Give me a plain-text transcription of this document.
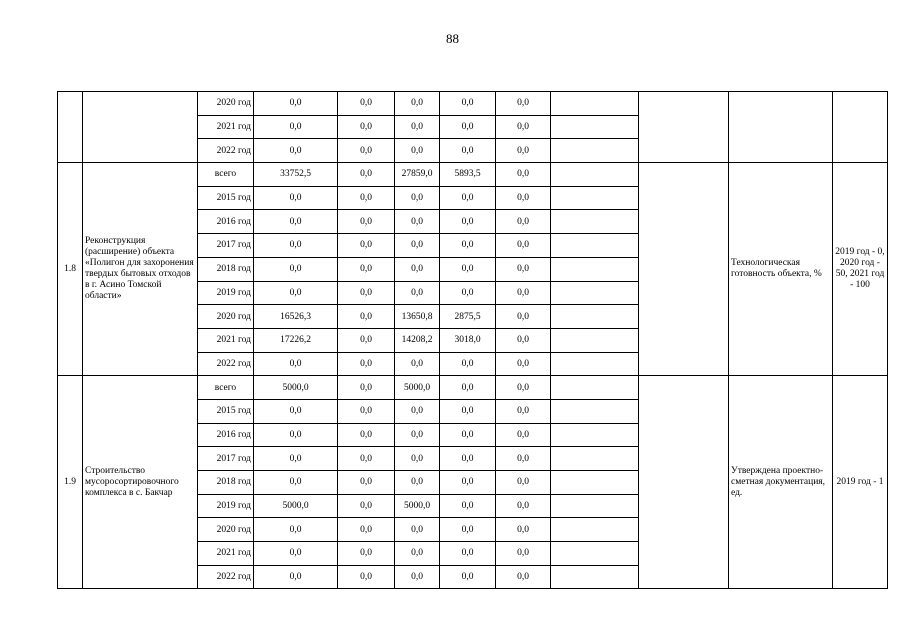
88
		2020 год	0,0	0,0	0,0	0,0	0,0				
		2021 год	0,0	0,0	0,0	0,0	0,0				
		2022 год	0,0	0,0	0,0	0,0	0,0				
1.8	Реконструкция (расширение) объекта «Полигон для захоронения твердых бытовых отходов в г. Асино Томской области»	всего	33752,5	0,0	27859,0	5893,5	0,0			Технологическая готовность объекта, %	2019 год - 0, 2020 год - 50, 2021 год - 100
		2015 год	0,0	0,0	0,0	0,0	0,0				
		2016 год	0,0	0,0	0,0	0,0	0,0				
		2017 год	0,0	0,0	0,0	0,0	0,0				
		2018 год	0,0	0,0	0,0	0,0	0,0				
		2019 год	0,0	0,0	0,0	0,0	0,0				
		2020 год	16526,3	0,0	13650,8	2875,5	0,0				
		2021 год	17226,2	0,0	14208,2	3018,0	0,0				
		2022 год	0,0	0,0	0,0	0,0	0,0				
1.9	Строительство мусоросортировочного комплекса в с. Бакчар	всего	5000,0	0,0	5000,0	0,0	0,0			Утверждена проектно-сметная документация, ед.	2019 год - 1
		2015 год	0,0	0,0	0,0	0,0	0,0				
		2016 год	0,0	0,0	0,0	0,0	0,0				
		2017 год	0,0	0,0	0,0	0,0	0,0				
		2018 год	0,0	0,0	0,0	0,0	0,0				
		2019 год	5000,0	0,0	5000,0	0,0	0,0				
		2020 год	0,0	0,0	0,0	0,0	0,0				
		2021 год	0,0	0,0	0,0	0,0	0,0				
		2022 год	0,0	0,0	0,0	0,0	0,0				
